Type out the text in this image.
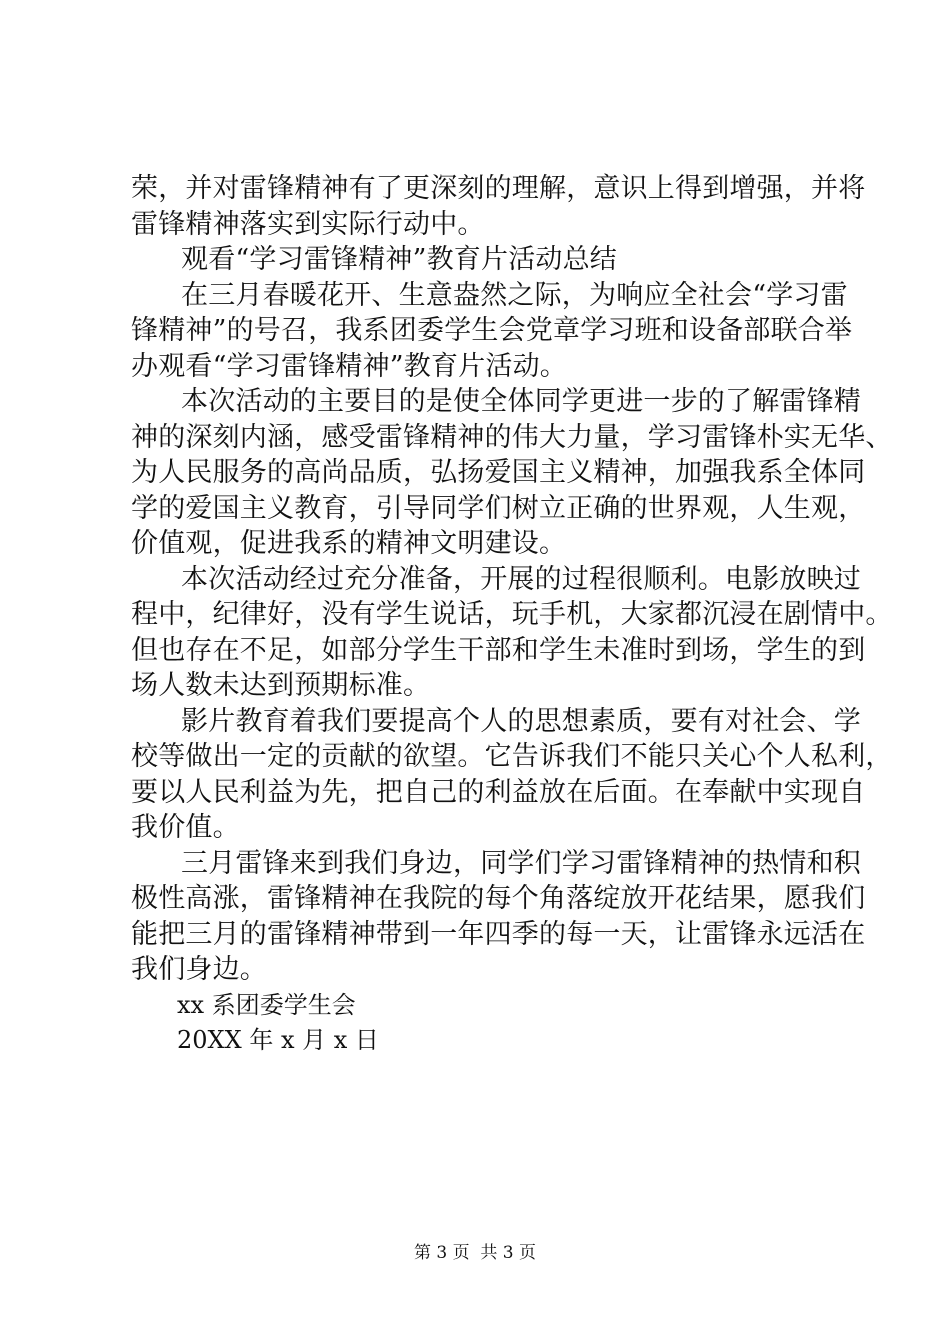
荣，并对雷锋精神有了更深刻的理解，意识上得到增强，并将
雷锋精神落实到实际行动中。
观看“学习雷锋精神”教育片活动总结
在三月春暖花开、生意盎然之际，为响应全社会“学习雷
锋精神”的号召，我系团委学生会党章学习班和设备部联合举
办观看“学习雷锋精神”教育片活动。
本次活动的主要目的是使全体同学更进一步的了解雷锋精
神的深刻内涵，感受雷锋精神的伟大力量，学习雷锋朴实无华、
为人民服务的高尚品质，弘扬爱国主义精神，加强我系全体同
学的爱国主义教育，引导同学们树立正确的世界观，人生观，
价值观，促进我系的精神文明建设。
本次活动经过充分准备，开展的过程很顺利。电影放映过
程中，纪律好，没有学生说话，玩手机，大家都沉浸在剧情中。
但也存在不足，如部分学生干部和学生未准时到场，学生的到
场人数未达到预期标准。
影片教育着我们要提高个人的思想素质，要有对社会、学
校等做出一定的贡献的欲望。它告诉我们不能只关心个人私利，
要以人民利益为先，把自己的利益放在后面。在奉献中实现自
我价值。
三月雷锋来到我们身边，同学们学习雷锋精神的热情和积
极性高涨，雷锋精神在我院的每个角落绽放开花结果，愿我们
能把三月的雷锋精神带到一年四季的每一天，让雷锋永远活在
我们身边。
xx 系团委学生会
20XX 年 x 月 x 日
第 3 页  共 3 页
